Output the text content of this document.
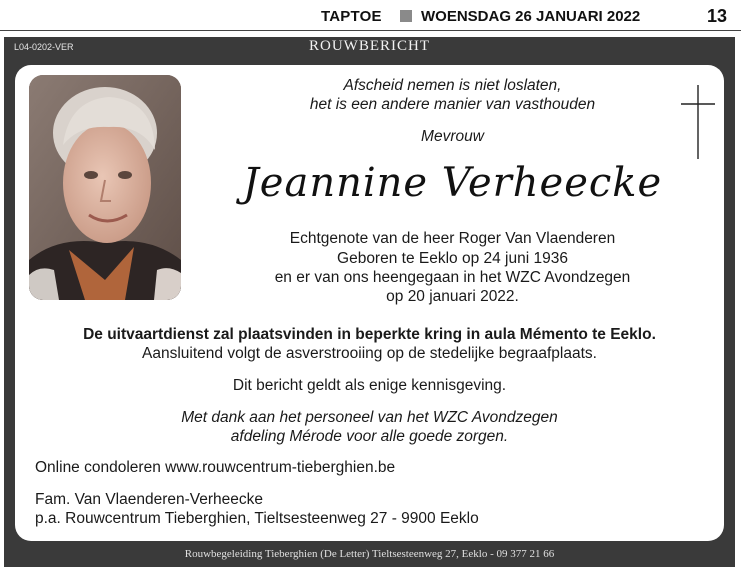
TAPTOE	WOENSDAG 26 JANUARI 2022	13
L04-0202-VER	ROUWBERICHT
Afscheid nemen is niet loslaten,
het is een andere manier van vasthouden
Mevrouw
Jeannine Verheecke
Echtgenote van de heer Roger Van Vlaenderen
Geboren te Eeklo op 24 juni 1936
en er van ons heengegaan in het WZC Avondzegen
op 20 januari 2022.
De uitvaartdienst zal plaatsvinden in beperkte kring in aula Mémento te Eeklo.
Aansluitend volgt de asverstrooiing op de stedelijke begraafplaats.
Dit bericht geldt als enige kennisgeving.
Met dank aan het personeel van het WZC Avondzegen
afdeling Mérode voor alle goede zorgen.
Online condoleren www.rouwcentrum-tieberghien.be
Fam. Van Vlaenderen-Verheecke
p.a. Rouwcentrum Tieberghien, Tieltsesteenweg 27 - 9900 Eeklo
Rouwbegeleiding Tieberghien (De Letter) Tieltsesteenweg 27, Eeklo - 09 377 21 66
